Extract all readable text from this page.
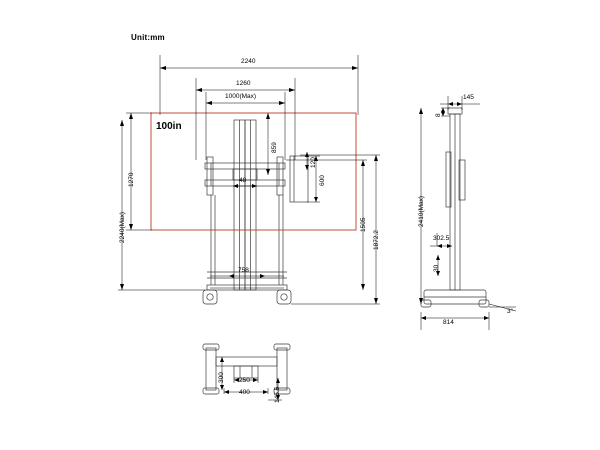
Unit:mm
100in
2240
1260
1000(Max)
859
120
600
48
1270
2240(Max)	1505
1872.2
758
145
8
2410(Max)
302.5
30
3°
814
300 250
400	145.5
